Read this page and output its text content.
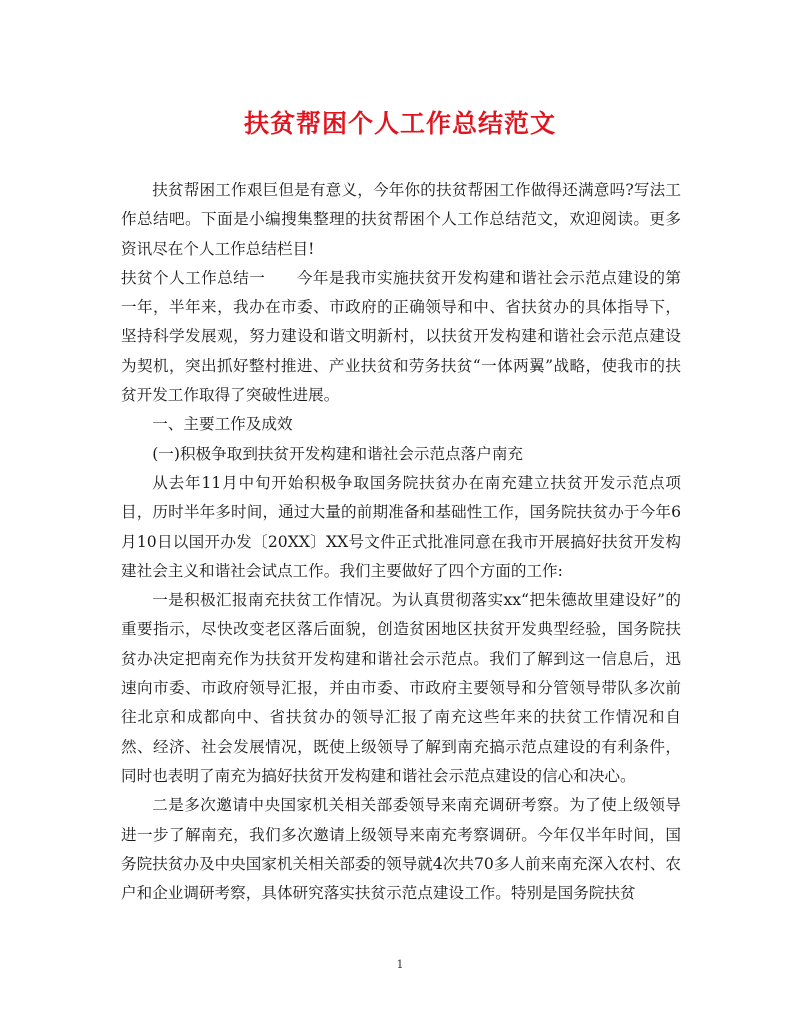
扶贫帮困个人工作总结范文

扶贫帮困工作艰巨但是有意义，今年你的扶贫帮困工作做得还满意吗?写法工作总结吧。下面是小编搜集整理的扶贫帮困个人工作总结范文，欢迎阅读。更多资讯尽在个人工作总结栏目!

扶贫个人工作总结一 今年是我市实施扶贫开发构建和谐社会示范点建设的第一年，半年来，我办在市委、市政府的正确领导和中、省扶贫办的具体指导下，坚持科学发展观，努力建设和谐文明新村，以扶贫开发构建和谐社会示范点建设为契机，突出抓好整村推进、产业扶贫和劳务扶贫“一体两翼”战略，使我市的扶贫开发工作取得了突破性进展。

一、主要工作及成效

(一)积极争取到扶贫开发构建和谐社会示范点落户南充

从去年11月中旬开始积极争取国务院扶贫办在南充建立扶贫开发示范点项目，历时半年多时间，通过大量的前期准备和基础性工作，国务院扶贫办于今年6月10日以国开办发〔20XX〕XX号文件正式批准同意在我市开展搞好扶贫开发构建社会主义和谐社会试点工作。我们主要做好了四个方面的工作:

一是积极汇报南充扶贫工作情况。为认真贯彻落实xx“把朱德故里建设好”的重要指示，尽快改变老区落后面貌，创造贫困地区扶贫开发典型经验，国务院扶贫办决定把南充作为扶贫开发构建和谐社会示范点。我们了解到这一信息后，迅速向市委、市政府领导汇报，并由市委、市政府主要领导和分管领导带队多次前往北京和成都向中、省扶贫办的领导汇报了南充这些年来的扶贫工作情况和自然、经济、社会发展情况，既使上级领导了解到南充搞示范点建设的有利条件，同时也表明了南充为搞好扶贫开发构建和谐社会示范点建设的信心和决心。

二是多次邀请中央国家机关相关部委领导来南充调研考察。为了使上级领导进一步了解南充，我们多次邀请上级领导来南充考察调研。今年仅半年时间，国务院扶贫办及中央国家机关相关部委的领导就4次共70多人前来南充深入农村、农户和企业调研考察，具体研究落实扶贫示范点建设工作。特别是国务院扶贫

1
